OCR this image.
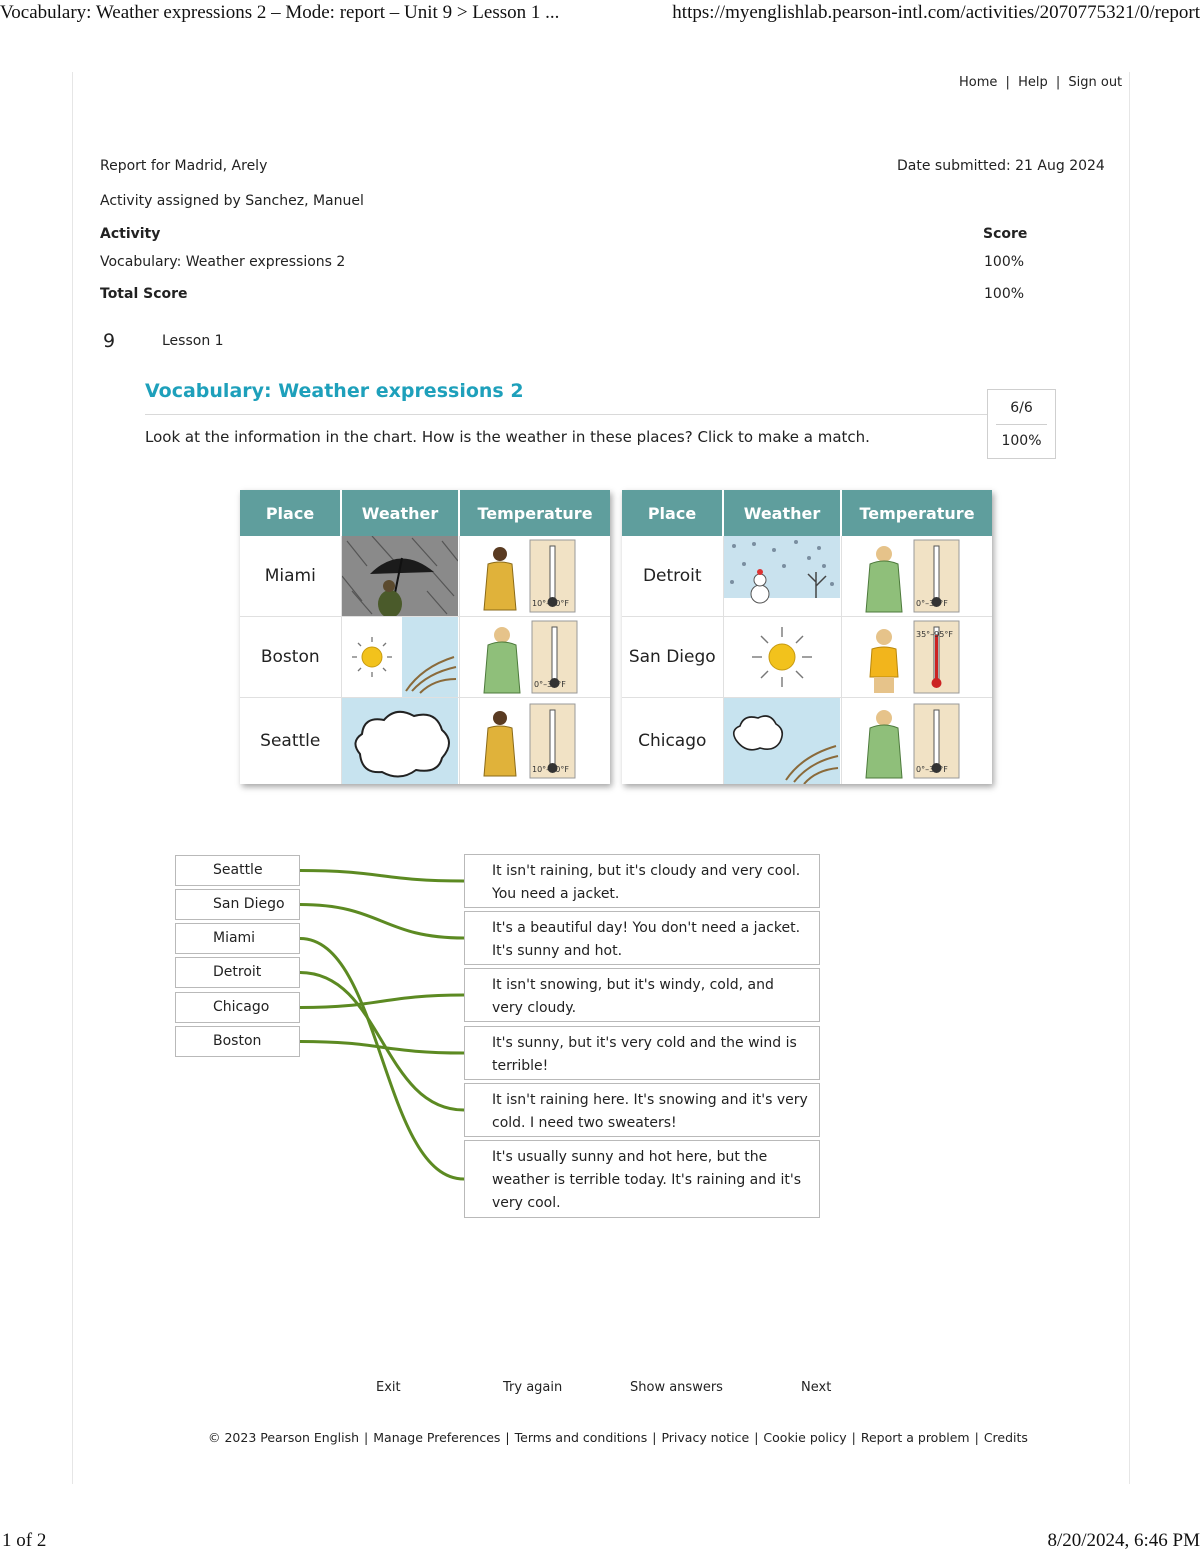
Vocabulary: Weather expressions 2 – Mode: report – Unit 9 > Lesson 1 ...	https://myenglishlab.pearson-intl.com/activities/2070775321/0/report
1 of 2	8/20/2024, 6:46 PM
Home | Help | Sign out
Report for Madrid, Arely	Date submitted: 21 Aug 2024
Activity assigned by Sanchez, Manuel
Activity	Score
Vocabulary: Weather expressions 2	100%
Total Score	100%
9	Lesson 1
Vocabulary: Weather expressions 2
Look at the information in the chart. How is the weather in these places? Click to make a match.
6/6
100%
Place	Weather	Temperature
Miami		10°–50°F

Boston		0°–32°F

Seattle		10°–50°F
Place	Weather	Temperature
Detroit		0°–32°F

San Diego		35°–95°F

Chicago		0°–32°F
Seattle
San Diego
Miami
Detroit
Chicago
Boston
It isn't raining, but it's cloudy and very cool. You need a jacket.
It's a beautiful day! You don't need a jacket. It's sunny and hot.
It isn't snowing, but it's windy, cold, and very cloudy.
It's sunny, but it's very cold and the wind is terrible!
It isn't raining here. It's snowing and it's very cold. I need two sweaters!
It's usually sunny and hot here, but the weather is terrible today. It's raining and it's very cool.
Exit	Try again	Show answers	Next
© 2023 Pearson English | Manage Preferences | Terms and conditions | Privacy notice | Cookie policy | Report a problem | Credits
